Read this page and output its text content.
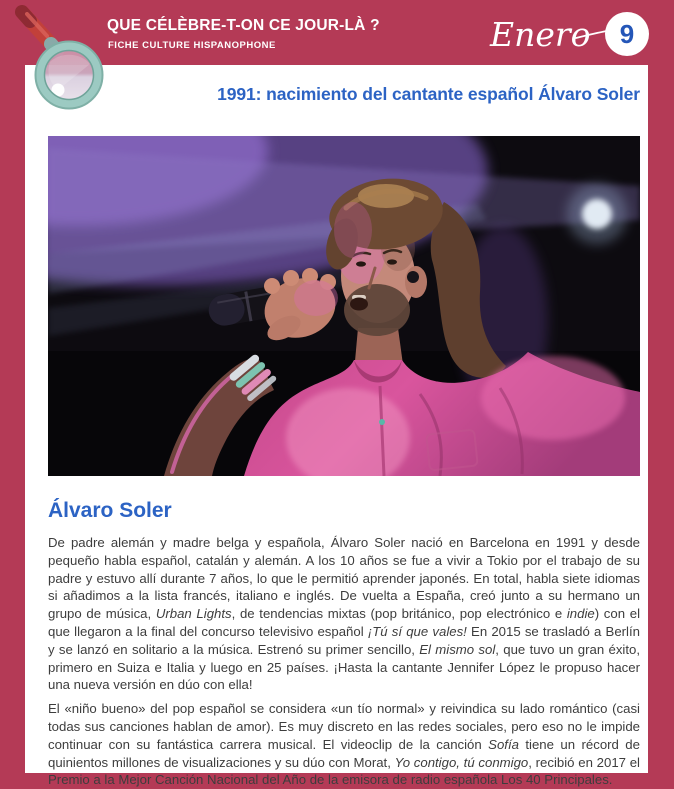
QUE CÉLÈBRE-T-ON CE JOUR-LÀ ?
FICHE CULTURE HISPANOPHONE	Enero 9
1991: nacimiento del cantante español Álvaro Soler
Álvaro Soler

De padre alemán y madre belga y española, Álvaro Soler nació en Barcelona en 1991 y desde pequeño habla español, catalán y alemán. A los 10 años se fue a vivir a Tokio por el trabajo de su padre y estuvo allí durante 7 años, lo que le permitió aprender japonés. En total, habla siete idiomas si añadimos a la lista francés, italiano e inglés. De vuelta a España, creó junto a su hermano un grupo de música, Urban Lights, de tendencias mixtas (pop británico, pop electrónico e indie) con el que llegaron a la final del concurso televisivo español ¡Tú sí que vales! En 2015 se trasladó a Berlín y se lanzó en solitario a la música. Estrenó su primer sencillo, El mismo sol, que tuvo un gran éxito, primero en Suiza e Italia y luego en 25 países. ¡Hasta la cantante Jennifer López le propuso hacer una nueva versión en dúo con ella!

El «niño bueno» del pop español se considera «un tío normal» y reivindica su lado romántico (casi todas sus canciones hablan de amor). Es muy discreto en las redes sociales, pero eso no le impide continuar con su fantástica carrera musical. El videoclip de la canción Sofía tiene un récord de quinientos millones de visualizaciones y su dúo con Morat, Yo contigo, tú conmigo, recibió en 2017 el Premio a la Mejor Canción Nacional del Año de la emisora de radio española Los 40 Principales.
